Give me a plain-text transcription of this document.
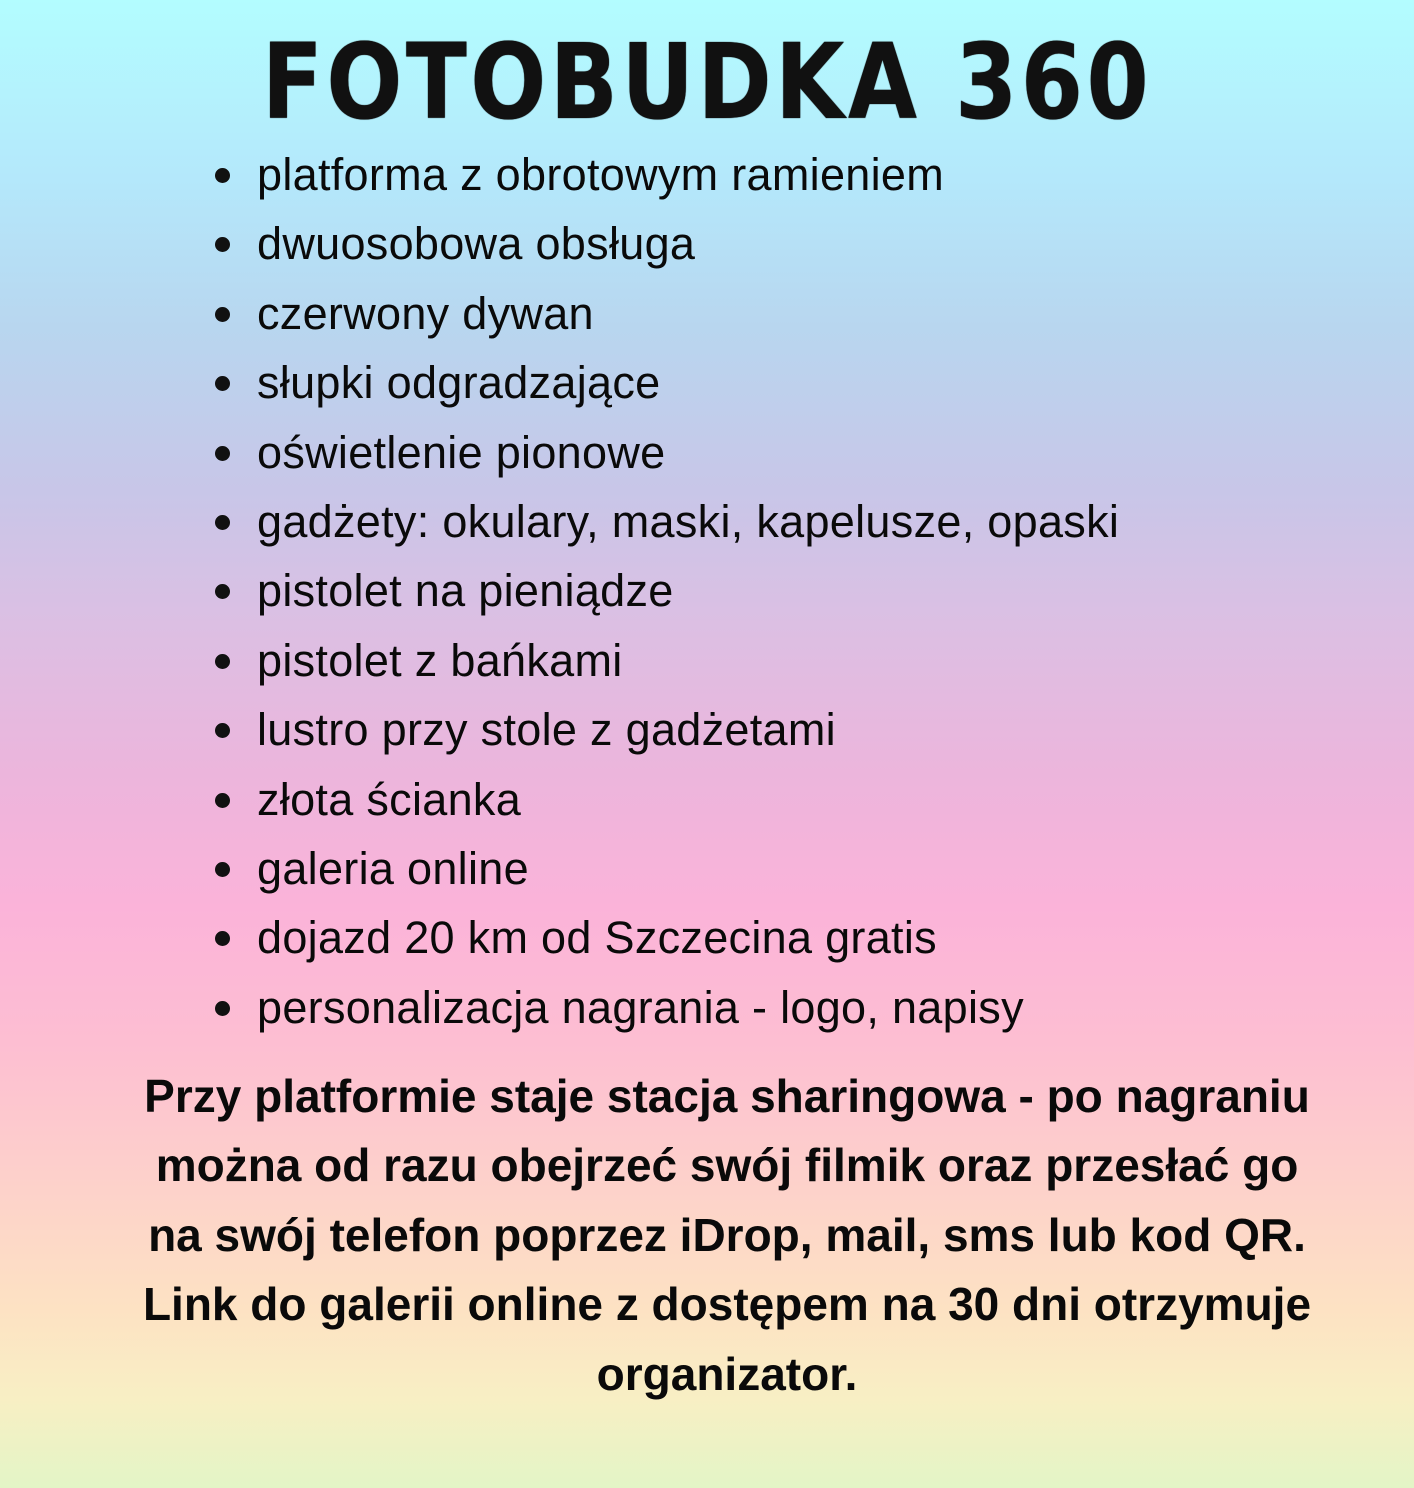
FOTOBUDKA 360
platforma z obrotowym ramieniem
dwuosobowa obsługa
czerwony dywan
słupki odgradzające
oświetlenie pionowe
gadżety: okulary, maski, kapelusze, opaski
pistolet na pieniądze
pistolet z bańkami
lustro przy stole z gadżetami
złota ścianka
galeria online
dojazd 20 km od Szczecina gratis
personalizacja nagrania - logo, napisy

Przy platformie staje stacja sharingowa - po nagraniu można od razu obejrzeć swój filmik oraz przesłać go na swój telefon poprzez iDrop, mail, sms lub kod QR. Link do galerii online z dostępem na 30 dni otrzymuje organizator.
